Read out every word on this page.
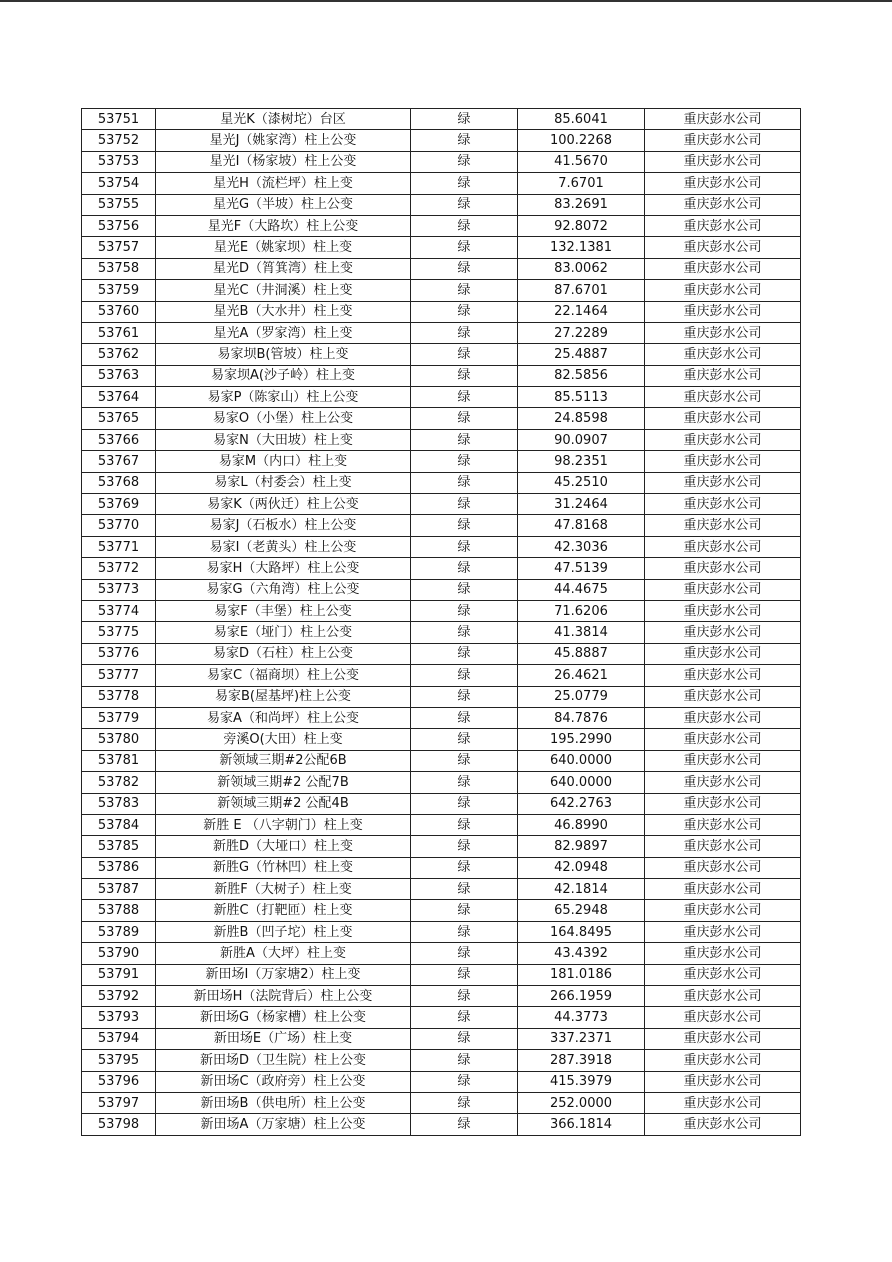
53751	星光K（漆树坨）台区	绿	85.6041	重庆彭水公司
53752	星光J（姚家湾）柱上公变	绿	100.2268	重庆彭水公司
53753	星光I（杨家坡）柱上公变	绿	41.5670	重庆彭水公司
53754	星光H（流栏坪）柱上变	绿	7.6701	重庆彭水公司
53755	星光G（半坡）柱上公变	绿	83.2691	重庆彭水公司
53756	星光F（大路坎）柱上公变	绿	92.8072	重庆彭水公司
53757	星光E（姚家坝）柱上变	绿	132.1381	重庆彭水公司
53758	星光D（筲箕湾）柱上变	绿	83.0062	重庆彭水公司
53759	星光C（井洞溪）柱上变	绿	87.6701	重庆彭水公司
53760	星光B（大水井）柱上变	绿	22.1464	重庆彭水公司
53761	星光A（罗家湾）柱上变	绿	27.2289	重庆彭水公司
53762	易家坝B(管坡）柱上变	绿	25.4887	重庆彭水公司
53763	易家坝A(沙子岭）柱上变	绿	82.5856	重庆彭水公司
53764	易家P（陈家山）柱上公变	绿	85.5113	重庆彭水公司
53765	易家O（小堡）柱上公变	绿	24.8598	重庆彭水公司
53766	易家N（大田坡）柱上变	绿	90.0907	重庆彭水公司
53767	易家M（内口）柱上变	绿	98.2351	重庆彭水公司
53768	易家L（村委会）柱上变	绿	45.2510	重庆彭水公司
53769	易家K（两伙迁）柱上公变	绿	31.2464	重庆彭水公司
53770	易家J（石板水）柱上公变	绿	47.8168	重庆彭水公司
53771	易家I（老黄头）柱上公变	绿	42.3036	重庆彭水公司
53772	易家H（大路坪）柱上公变	绿	47.5139	重庆彭水公司
53773	易家G（六角湾）柱上公变	绿	44.4675	重庆彭水公司
53774	易家F（丰堡）柱上公变	绿	71.6206	重庆彭水公司
53775	易家E（垭门）柱上公变	绿	41.3814	重庆彭水公司
53776	易家D（石柱）柱上公变	绿	45.8887	重庆彭水公司
53777	易家C（福商坝）柱上公变	绿	26.4621	重庆彭水公司
53778	易家B(屋基坪)柱上公变	绿	25.0779	重庆彭水公司
53779	易家A（和尚坪）柱上公变	绿	84.7876	重庆彭水公司
53780	旁溪O(大田）柱上变	绿	195.2990	重庆彭水公司
53781	新领域三期#2公配6B	绿	640.0000	重庆彭水公司
53782	新领域三期#2 公配7B	绿	640.0000	重庆彭水公司
53783	新领域三期#2 公配4B	绿	642.2763	重庆彭水公司
53784	新胜 E （八字朝门）柱上变	绿	46.8990	重庆彭水公司
53785	新胜D（大垭口）柱上变	绿	82.9897	重庆彭水公司
53786	新胜G（竹林凹）柱上变	绿	42.0948	重庆彭水公司
53787	新胜F（大树子）柱上变	绿	42.1814	重庆彭水公司
53788	新胜C（打靶匝）柱上变	绿	65.2948	重庆彭水公司
53789	新胜B（凹子坨）柱上变	绿	164.8495	重庆彭水公司
53790	新胜A（大坪）柱上变	绿	43.4392	重庆彭水公司
53791	新田场I（万家塘2）柱上变	绿	181.0186	重庆彭水公司
53792	新田场H（法院背后）柱上公变	绿	266.1959	重庆彭水公司
53793	新田场G（杨家槽）柱上公变	绿	44.3773	重庆彭水公司
53794	新田场E（广场）柱上变	绿	337.2371	重庆彭水公司
53795	新田场D（卫生院）柱上公变	绿	287.3918	重庆彭水公司
53796	新田场C（政府旁）柱上公变	绿	415.3979	重庆彭水公司
53797	新田场B（供电所）柱上公变	绿	252.0000	重庆彭水公司
53798	新田场A（万家塘）柱上公变	绿	366.1814	重庆彭水公司
